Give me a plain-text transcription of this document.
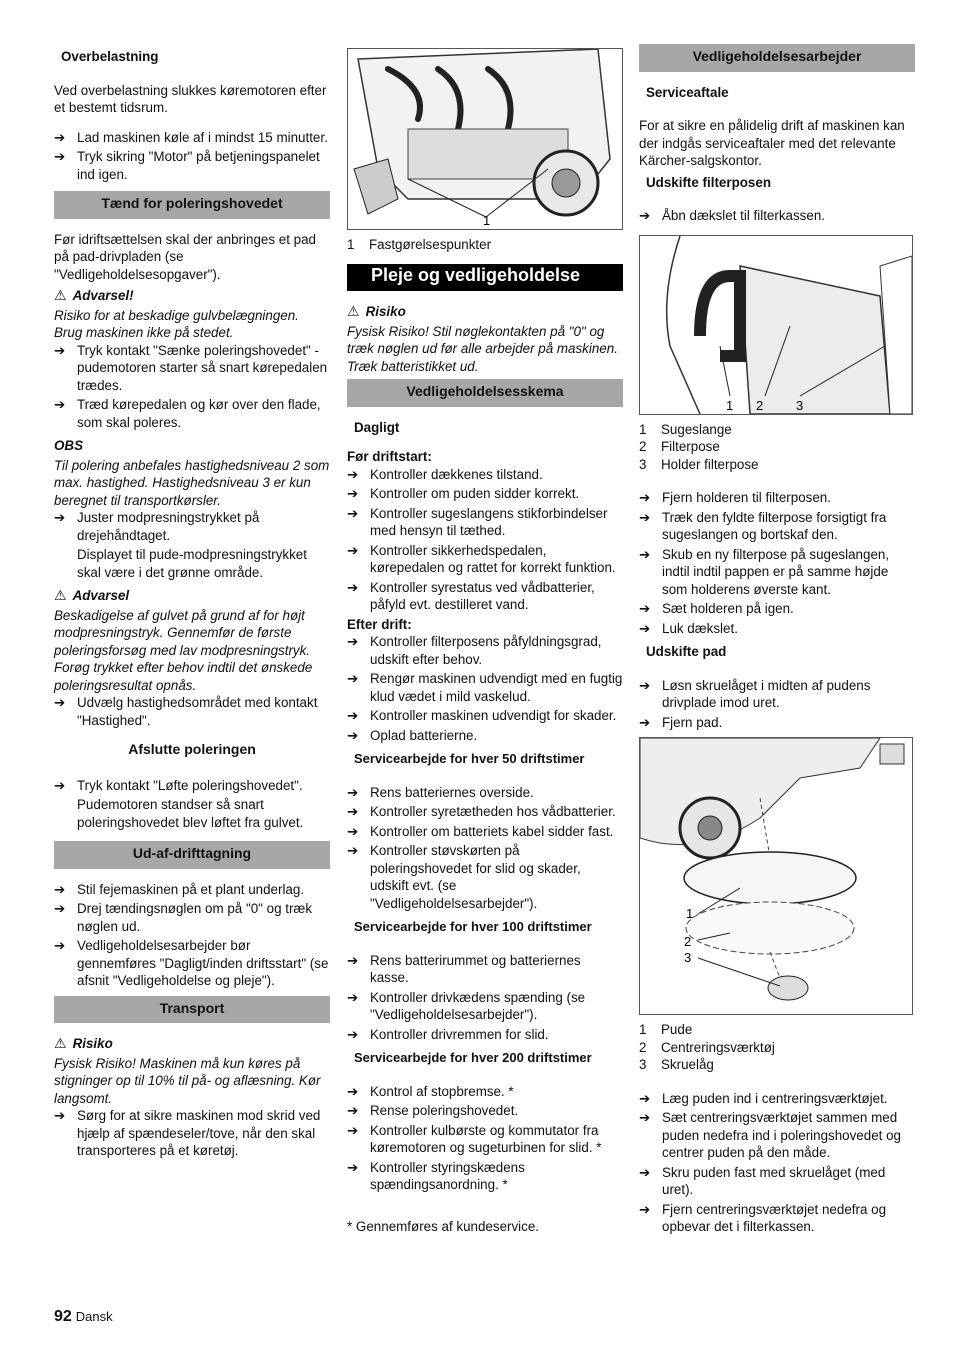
Overbelastning

Ved overbelastning slukkes køremotoren efter et bestemt tidsrum.

➔ Lad maskinen køle af i mindst 15 minutter.
➔ Tryk sikring "Motor" på betjeningspanelet ind igen.
Tænd for poleringshovedet

Før idriftsættelsen skal der anbringes et pad på pad-drivpladen (se "Vedligeholdelsesopgaver").

⚠ Advarsel!
Risiko for at beskadige gulvbelægningen. Brug maskinen ikke på stedet.
➔ Tryk kontakt "Sænke poleringshovedet" - pudemotoren starter så snart kørepedalen trædes.
➔ Træd kørepedalen og kør over den flade, som skal poleres.
OBS
Til polering anbefales hastighedsniveau 2 som max. hastighed. Hastighedsniveau 3 er kun beregnet til transportkørsler.
➔ Juster modpresningstrykket på drejehåndtaget.
Displayet til pude-modpresningstrykket skal være i det grønne område.
⚠ Advarsel
Beskadigelse af gulvet på grund af for højt modpresningstryk. Gennemfør de første poleringsforsøg med lav modpresningstryk. Forøg trykket efter behov indtil det ønskede poleringsresultat opnås.
➔ Udvælg hastighedsområdet med kontakt "Hastighed".
Afslutte poleringen
➔ Tryk kontakt "Løfte poleringshovedet".
Pudemotoren standser så snart poleringshovedet blev løftet fra gulvet.
Ud-af-drifttagning
➔ Stil fejemaskinen på et plant underlag.
➔ Drej tændingsnøglen om på "0" og træk nøglen ud.
➔ Vedligeholdelsesarbejder bør gennemføres "Dagligt/inden driftsstart" (se afsnit "Vedligeholdelse og pleje").
Transport
⚠ Risiko
Fysisk Risiko! Maskinen må kun køres på stigninger op til 10% til på- og aflæsning. Kør langsomt.
➔ Sørg for at sikre maskinen mod skrid ved hjælp af spændeseler/tove, når den skal transporteres på et køretøj.
1
1	Fastgørelsespunkter
Pleje og vedligeholdelse
⚠ Risiko
Fysisk Risiko! Stil nøglekontakten på "0" og træk nøglen ud før alle arbejder på maskinen. Træk batteristikket ud.
Vedligeholdelsesskema
Dagligt
Før driftstart:
➔ Kontroller dækkenes tilstand.
➔ Kontroller om puden sidder korrekt.
➔ Kontroller sugeslangens stikforbindelser med hensyn til tæthed.
➔ Kontroller sikkerhedspedalen, kørepedalen og rattet for korrekt funktion.
➔ Kontroller syrestatus ved vådbatterier, påfyld evt. destilleret vand.
Efter drift:
➔ Kontroller filterposens påfyldningsgrad, udskift efter behov.
➔ Rengør maskinen udvendigt med en fugtig klud vædet i mild vaskelud.
➔ Kontroller maskinen udvendigt for skader.
➔ Oplad batterierne.
Servicearbejde for hver 50 driftstimer
➔ Rens batteriernes overside.
➔ Kontroller syretætheden hos vådbatterier.
➔ Kontroller om batteriets kabel sidder fast.
➔ Kontroller støvskørten på poleringshovedet for slid og skader, udskift evt. (se "Vedligeholdelsesarbejder").
Servicearbejde for hver 100 driftstimer
➔ Rens batterirummet og batteriernes kasse.
➔ Kontroller drivkædens spænding (se "Vedligeholdelsesarbejder").
➔ Kontroller drivremmen for slid.
Servicearbejde for hver 200 driftstimer
➔ Kontrol af stopbremse. *
➔ Rense poleringshovedet.
➔ Kontroller kulbørste og kommutator fra køremotoren og sugeturbinen for slid. *
➔ Kontroller styringskædens spændingsanordning. *
* Gennemføres af kundeservice.
Vedligeholdelsesarbejder
Serviceaftale

For at sikre en pålidelig drift af maskinen kan der indgås serviceaftaler med det relevante Kärcher-salgskontor.

Udskifte filterposen
➔ Åbn dækslet til filterkassen.
1 2	3
1	Sugeslange
2	Filterpose
3	Holder filterpose
➔ Fjern holderen til filterposen.
➔ Træk den fyldte filterpose forsigtigt fra sugeslangen og bortskaf den.
➔ Skub en ny filterpose på sugeslangen, indtil indtil pappen er på samme højde som holderens øverste kant.
➔ Sæt holderen på igen.
➔ Luk dækslet.
Udskifte pad
➔ Løsn skruelåget i midten af pudens drivplade imod uret.
➔ Fjern pad.
1
2
3
1	Pude
2	Centreringsværktøj
3	Skruelåg
➔ Læg puden ind i centreringsværktøjet.
➔ Sæt centreringsværktøjet sammen med puden nedefra ind i poleringshovedet og centrer puden på den måde.
➔ Skru puden fast med skruelåget (med uret).
➔ Fjern centreringsværktøjet nedefra og opbevar det i filterkassen.
92 Dansk
